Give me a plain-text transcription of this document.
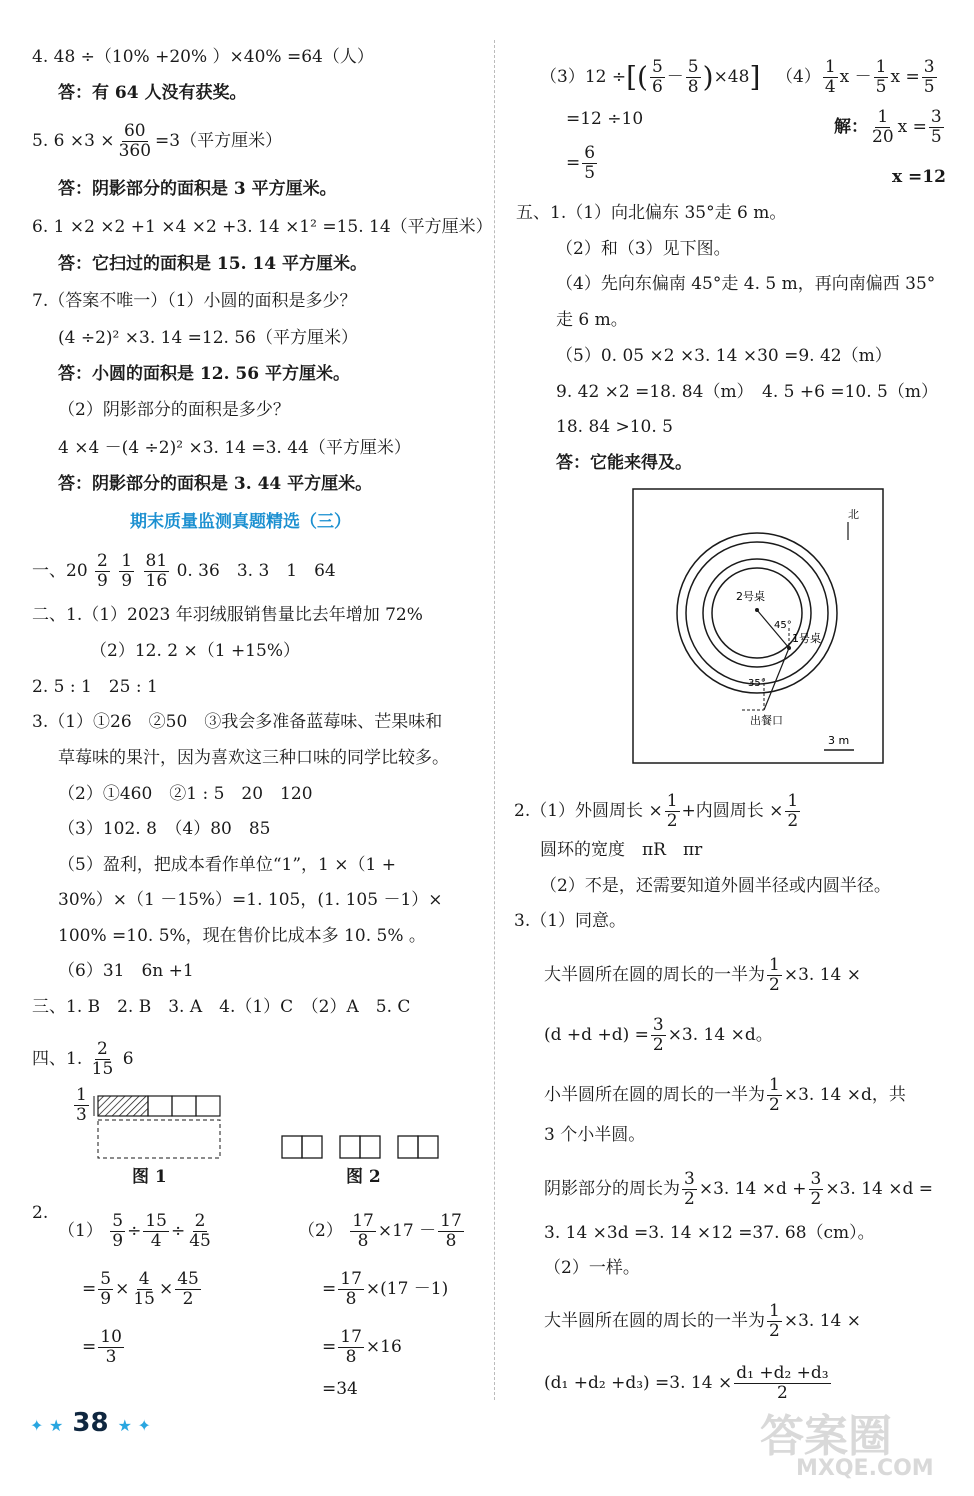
4. 48 ÷（10% +20% ）×40% =64（人）
答：有 64 人没有获奖。
5. $6 \times 3 \times \frac{60}{360} =3$（平方厘米）
答：阴影部分的面积是 3 平方厘米。
6. 1 ×2 ×2 +1 ×4 ×2 +3. 14 ×1² =15. 14（平方厘米）
答：它扫过的面积是 15. 14 平方厘米。
7.（答案不唯一）（1）小圆的面积是多少？
(4 ÷2)² ×3. 14 =12. 56（平方厘米）
答：小圆的面积是 12. 56 平方厘米。
（2）阴影部分的面积是多少？
4 ×4 －(4 ÷2)² ×3. 14 =3. 44（平方厘米）
答：阴影部分的面积是 3. 44 平方厘米。
期末质量监测真题精选（三）
一、$20 \frac{2}{9}$
$\frac{1}{9}$
$\frac{81}{16} 0$. 36　3. 3　1　64
二、1.（1）2023 年羽绒服销售量比去年增加 72%
（2）12. 2 ×（1 +15%）
2. 5 : 1　25 : 1
3.（1）①26　②50　③我会多准备蓝莓味、芒果味和
草莓味的果汁，因为喜欢这三种口味的同学比较多。
（2）①460　②1 : 5　20　120
（3）102. 8　（4）80　85
（5）盈利，把成本看作单位“1”，1 ×（1 +
30%）×（1 －15%）=1. 105，(1. 105 －1）×
100% =10. 5%，现在售价比成本多 10. 5% 。
（6）31　6n +1
三、1. B　2. B　3. A　4.（1）C　（2）A　5. C
四、1. $\frac{2}{15} 6$
$\frac{1}{3}$
图 1	图 2
2.
$(1) \frac{5}{9} \div \frac{15}{4} \div \frac{2}{45}$
= $\frac{5}{9} \times \frac{4}{15} \times \frac{45}{2}$
= $\frac{10}{3}$
$(2) \frac{17}{8} \times 17 - \frac{17}{8}$
= $\frac{17}{8} \times(17 -1)$
= $\frac{17}{8} \times 16$
=34
（3）12 ÷[( $\frac{5}{6} - \frac{5}{8} )\times 48$] $(4) \frac{1}{4}$ $x - \frac{1}{5}$ $x = \frac{3}{5}$
=12 ÷10	解： $\frac{1}{20}$ $x = \frac{3}{5}$
= $\frac{6}{5}$	x =12
五、1.（1）向北偏东 35°走 6 m。
（2）和（3）见下图。
（4）先向东偏南 45°走 4. 5 m，再向南偏西 35°
走 6 m。
（5）0. 05 ×2 ×3. 14 ×30 =9. 42（m）
9. 42 ×2 =18. 84（m）　4. 5 +6 =10. 5（m）
18. 84 >10. 5
答：它能来得及。
北
2号桌
45°
1号桌
35°
出餐口
3 m
2.（1）外圆周长 × $\frac{1}{2}$ +内圆周长 × $\frac{1}{2}$
圆环的宽度　πR　πr
（2）不是，还需要知道外圆半径或内圆半径。
3.（1）同意。
大半圆所在圆的周长的一半为 $\frac{1}{2} \times 3$. 14 ×
$(d +d +d) = \frac{3}{2} \times 3$. 14 ×d。
小半圆所在圆的周长的一半为 $\frac{1}{2} \times 3$. 14 ×d，共
3 个小半圆。
阴影部分的周长为 $\frac{3}{2} \times 3$. $14 \times d + \frac{3}{2} \times 3$. 14 ×d =
3. 14 ×3d =3. 14 ×12 =37. 68（cm）。
（2）一样。
大半圆所在圆的周长的一半为 $\frac{1}{2} \times 3$. 14 ×
(d₁ +d₂ +d₃) =3. $14 \times \frac{\text{d₁ +d₂ +d₃}}{2}$
✦ ★ 38 ★ ✦	答案圈
MXQE.COM
